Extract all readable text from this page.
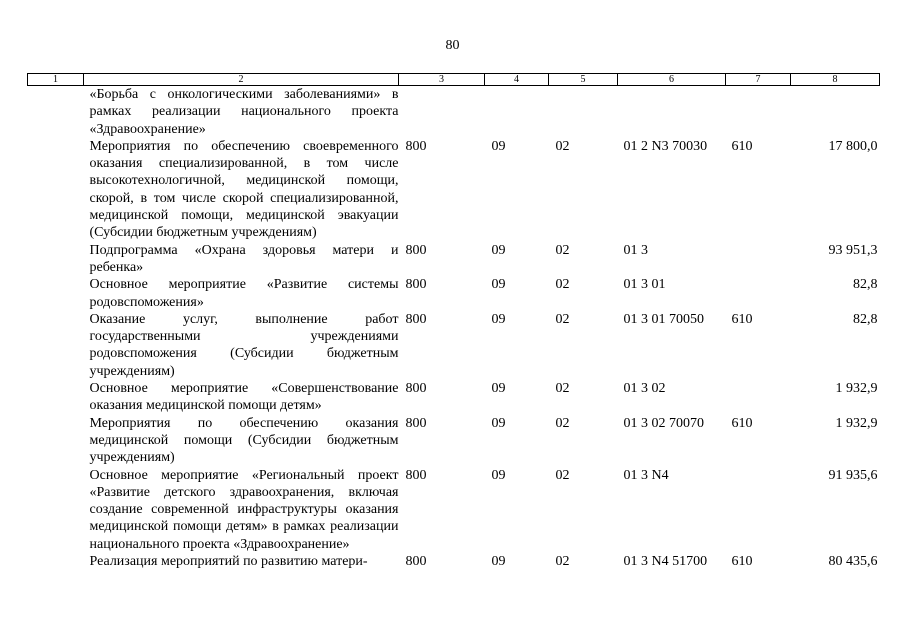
80
1	2	3	4	5	6	7	8
	«Борьба с онкологическими заболеваниями» в рамках реализации национального проекта «Здравоохранение»						
	Мероприятия по обеспечению своевременного оказания специализированной, в том числе высокотехнологичной, медицинской помощи, скорой, в том числе скорой специализированной, медицинской помощи, медицинской эвакуации (Субсидии бюджетным учреждениям)	800	09	02	01 2 N3 70030	610	17 800,0
	Подпрограмма «Охрана здоровья матери и ребенка»	800	09	02	01 3		93 951,3
	Основное мероприятие «Развитие системы родовспоможения»	800	09	02	01 3 01		82,8
	Оказание услуг, выполнение работ государственными учреждениями родовспоможения (Субсидии бюджетным учреждениям)	800	09	02	01 3 01 70050	610	82,8
	Основное мероприятие «Совершенствование оказания медицинской помощи детям»	800	09	02	01 3 02		1 932,9
	Мероприятия по обеспечению оказания медицинской помощи (Субсидии бюджетным учреждениям)	800	09	02	01 3 02 70070	610	1 932,9
	Основное мероприятие «Региональный проект «Развитие детского здравоохранения, включая создание современной инфраструктуры оказания медицинской помощи детям» в рамках реализации национального проекта «Здравоохранение»	800	09	02	01 3 N4		91 935,6
	Реализация мероприятий по развитию матери-	800	09	02	01 3 N4 51700	610	80 435,6
